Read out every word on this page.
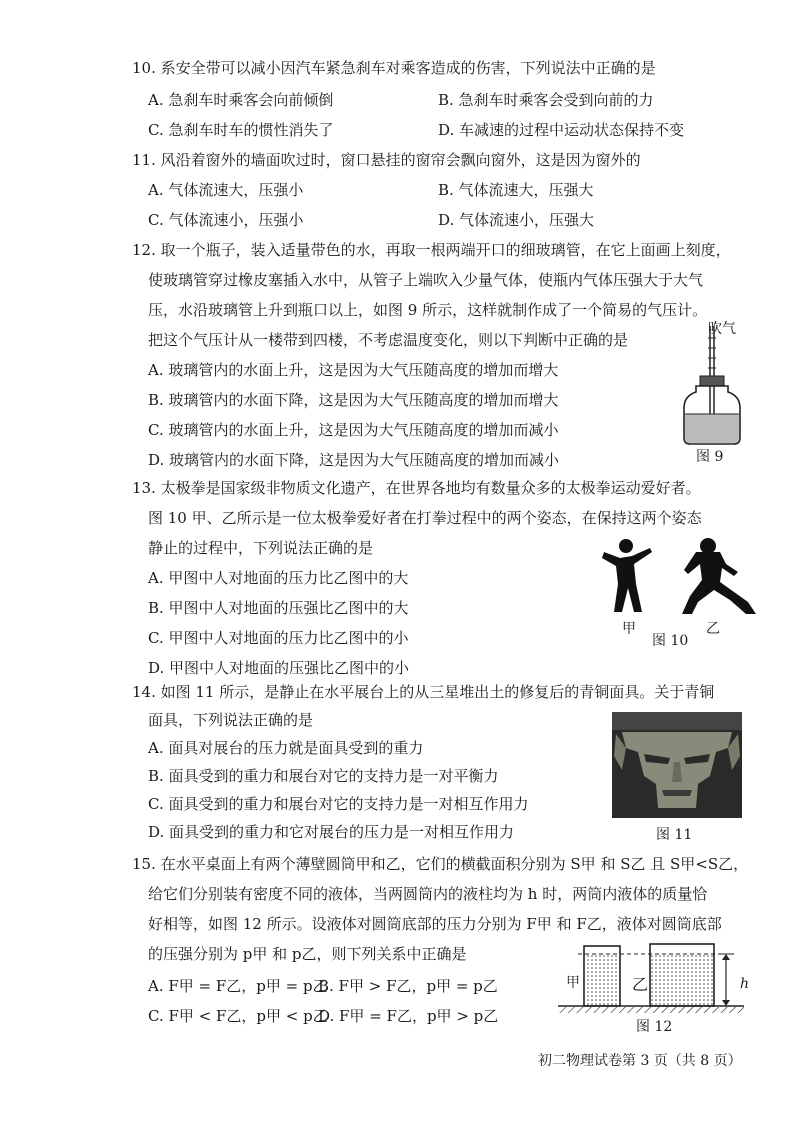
10. 系安全带可以减小因汽车紧急刹车对乘客造成的伤害，下列说法中正确的是
A. 急刹车时乘客会向前倾倒	B. 急刹车时乘客会受到向前的力
C. 急刹车时车的惯性消失了	D. 车减速的过程中运动状态保持不变
11. 风沿着窗外的墙面吹过时，窗口悬挂的窗帘会飘向窗外，这是因为窗外的
A. 气体流速大，压强小	B. 气体流速大，压强大
C. 气体流速小，压强小	D. 气体流速小，压强大
12. 取一个瓶子，装入适量带色的水，再取一根两端开口的细玻璃管，在它上面画上刻度，
使玻璃管穿过橡皮塞插入水中，从管子上端吹入少量气体，使瓶内气体压强大于大气
压，水沿玻璃管上升到瓶口以上，如图 9 所示，这样就制作成了一个简易的气压计。
把这个气压计从一楼带到四楼，不考虑温度变化，则以下判断中正确的是
A. 玻璃管内的水面上升，这是因为大气压随高度的增加而增大
B. 玻璃管内的水面下降，这是因为大气压随高度的增加而增大
C. 玻璃管内的水面上升，这是因为大气压随高度的增加而减小
D. 玻璃管内的水面下降，这是因为大气压随高度的增加而减小
吹气
图 9
13. 太极拳是国家级非物质文化遗产，在世界各地均有数量众多的太极拳运动爱好者。
图 10 甲、乙所示是一位太极拳爱好者在打拳过程中的两个姿态，在保持这两个姿态
静止的过程中，下列说法正确的是
A. 甲图中人对地面的压力比乙图中的大
B. 甲图中人对地面的压强比乙图中的大
C. 甲图中人对地面的压力比乙图中的小
D. 甲图中人对地面的压强比乙图中的小
甲	乙
图 10
14. 如图 11 所示，是静止在水平展台上的从三星堆出土的修复后的青铜面具。关于青铜
面具，下列说法正确的是
A. 面具对展台的压力就是面具受到的重力
B. 面具受到的重力和展台对它的支持力是一对平衡力
C. 面具受到的重力和展台对它的支持力是一对相互作用力
D. 面具受到的重力和它对展台的压力是一对相互作用力	图 11
15. 在水平桌面上有两个薄壁圆筒甲和乙，它们的横截面积分别为 S甲 和 S乙 且 S甲<S乙，
给它们分别装有密度不同的液体，当两圆筒内的液柱均为 h 时，两筒内液体的质量恰
好相等，如图 12 所示。设液体对圆筒底部的压力分别为 F甲 和 F乙，液体对圆筒底部
的压强分别为 p甲 和 p乙，则下列关系中正确是
A. F甲 = F乙，p甲 = p乙
B. F甲 > F乙，p甲 = p乙
C. F甲 < F乙，p甲 < p乙
D. F甲 = F乙，p甲 > p乙
甲	乙	h
图 12
初二物理试卷第 3 页（共 8 页）
